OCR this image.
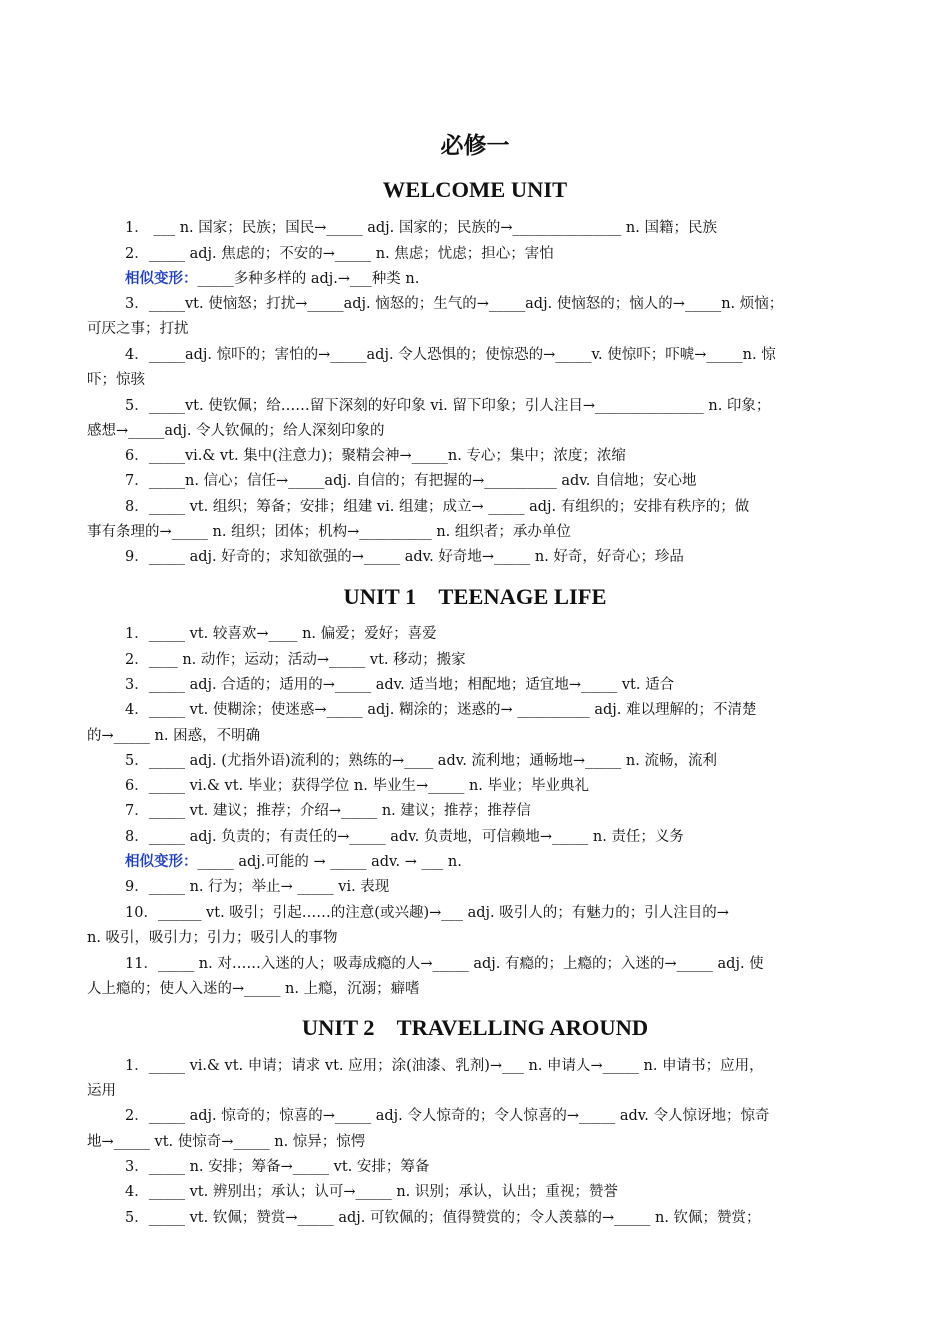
必修一
WELCOME UNIT
1． ___ n. 国家；民族；国民→_____ adj. 国家的；民族的→_______________ n. 国籍；民族
2．_____ adj. 焦虑的；不安的→_____ n. 焦虑；忧虑；担心；害怕
相似变形：_____多种多样的 adj.→___种类 n.
3．_____vt. 使恼怒；打扰→_____adj. 恼怒的；生气的→_____adj. 使恼怒的；恼人的→_____n. 烦恼；
可厌之事；打扰
4．_____adj. 惊吓的；害怕的→_____adj. 令人恐惧的；使惊恐的→_____v. 使惊吓；吓唬→_____n. 惊
吓；惊骇
5．_____vt. 使钦佩；给……留下深刻的好印象 vi. 留下印象；引人注目→_______________ n. 印象；
感想→_____adj. 令人钦佩的；给人深刻印象的
6．_____vi.& vt. 集中(注意力)；聚精会神→_____n. 专心；集中；浓度；浓缩
7．_____n. 信心；信任→_____adj. 自信的；有把握的→__________ adv. 自信地；安心地
8．_____ vt. 组织；筹备；安排；组建 vi. 组建；成立→ _____ adj. 有组织的；安排有秩序的；做
事有条理的→_____ n. 组织；团体；机构→__________ n. 组织者；承办单位
9．_____ adj. 好奇的；求知欲强的→_____ adv. 好奇地→_____ n. 好奇，好奇心；珍品
UNIT 1    TEENAGE LIFE
1．_____ vt. 较喜欢→____ n. 偏爱；爱好；喜爱
2．____ n. 动作；运动；活动→_____ vt. 移动；搬家
3．_____ adj. 合适的；适用的→_____ adv. 适当地；相配地；适宜地→_____ vt. 适合
4．_____ vt. 使糊涂；使迷惑→_____ adj. 糊涂的；迷惑的→ __________ adj. 难以理解的；不清楚
的→_____ n. 困惑，不明确
5．_____ adj. (尤指外语)流利的；熟练的→____ adv. 流利地；通畅地→_____ n. 流畅，流利
6．_____ vi.& vt. 毕业；获得学位 n. 毕业生→_____ n. 毕业；毕业典礼
7．_____ vt. 建议；推荐；介绍→_____ n. 建议；推荐；推荐信
8．_____ adj. 负责的；有责任的→_____ adv. 负责地，可信赖地→_____ n. 责任；义务
相似变形：_____ adj.可能的 → _____ adv. → ___ n.
9．_____ n. 行为；举止→ _____ vi. 表现
10．______ vt. 吸引；引起……的注意(或兴趣)→___ adj. 吸引人的；有魅力的；引人注目的→
n. 吸引，吸引力；引力；吸引人的事物
11．_____ n. 对……入迷的人；吸毒成瘾的人→_____ adj. 有瘾的；上瘾的；入迷的→_____ adj. 使
人上瘾的；使人入迷的→_____ n. 上瘾，沉溺；癖嗜
UNIT 2    TRAVELLING AROUND
1．_____ vi.& vt. 申请；请求 vt. 应用；涂(油漆、乳剂)→___ n. 申请人→_____ n. 申请书；应用，
运用
2．_____ adj. 惊奇的；惊喜的→_____ adj. 令人惊奇的；令人惊喜的→_____ adv. 令人惊讶地；惊奇
地→_____ vt. 使惊奇→_____ n. 惊异；惊愕
3．_____ n. 安排；筹备→_____ vt. 安排；筹备
4．_____ vt. 辨别出；承认；认可→_____ n. 识别；承认，认出；重视；赞誉
5．_____ vt. 钦佩；赞赏→_____ adj. 可钦佩的；值得赞赏的；令人羡慕的→_____ n. 钦佩；赞赏；
